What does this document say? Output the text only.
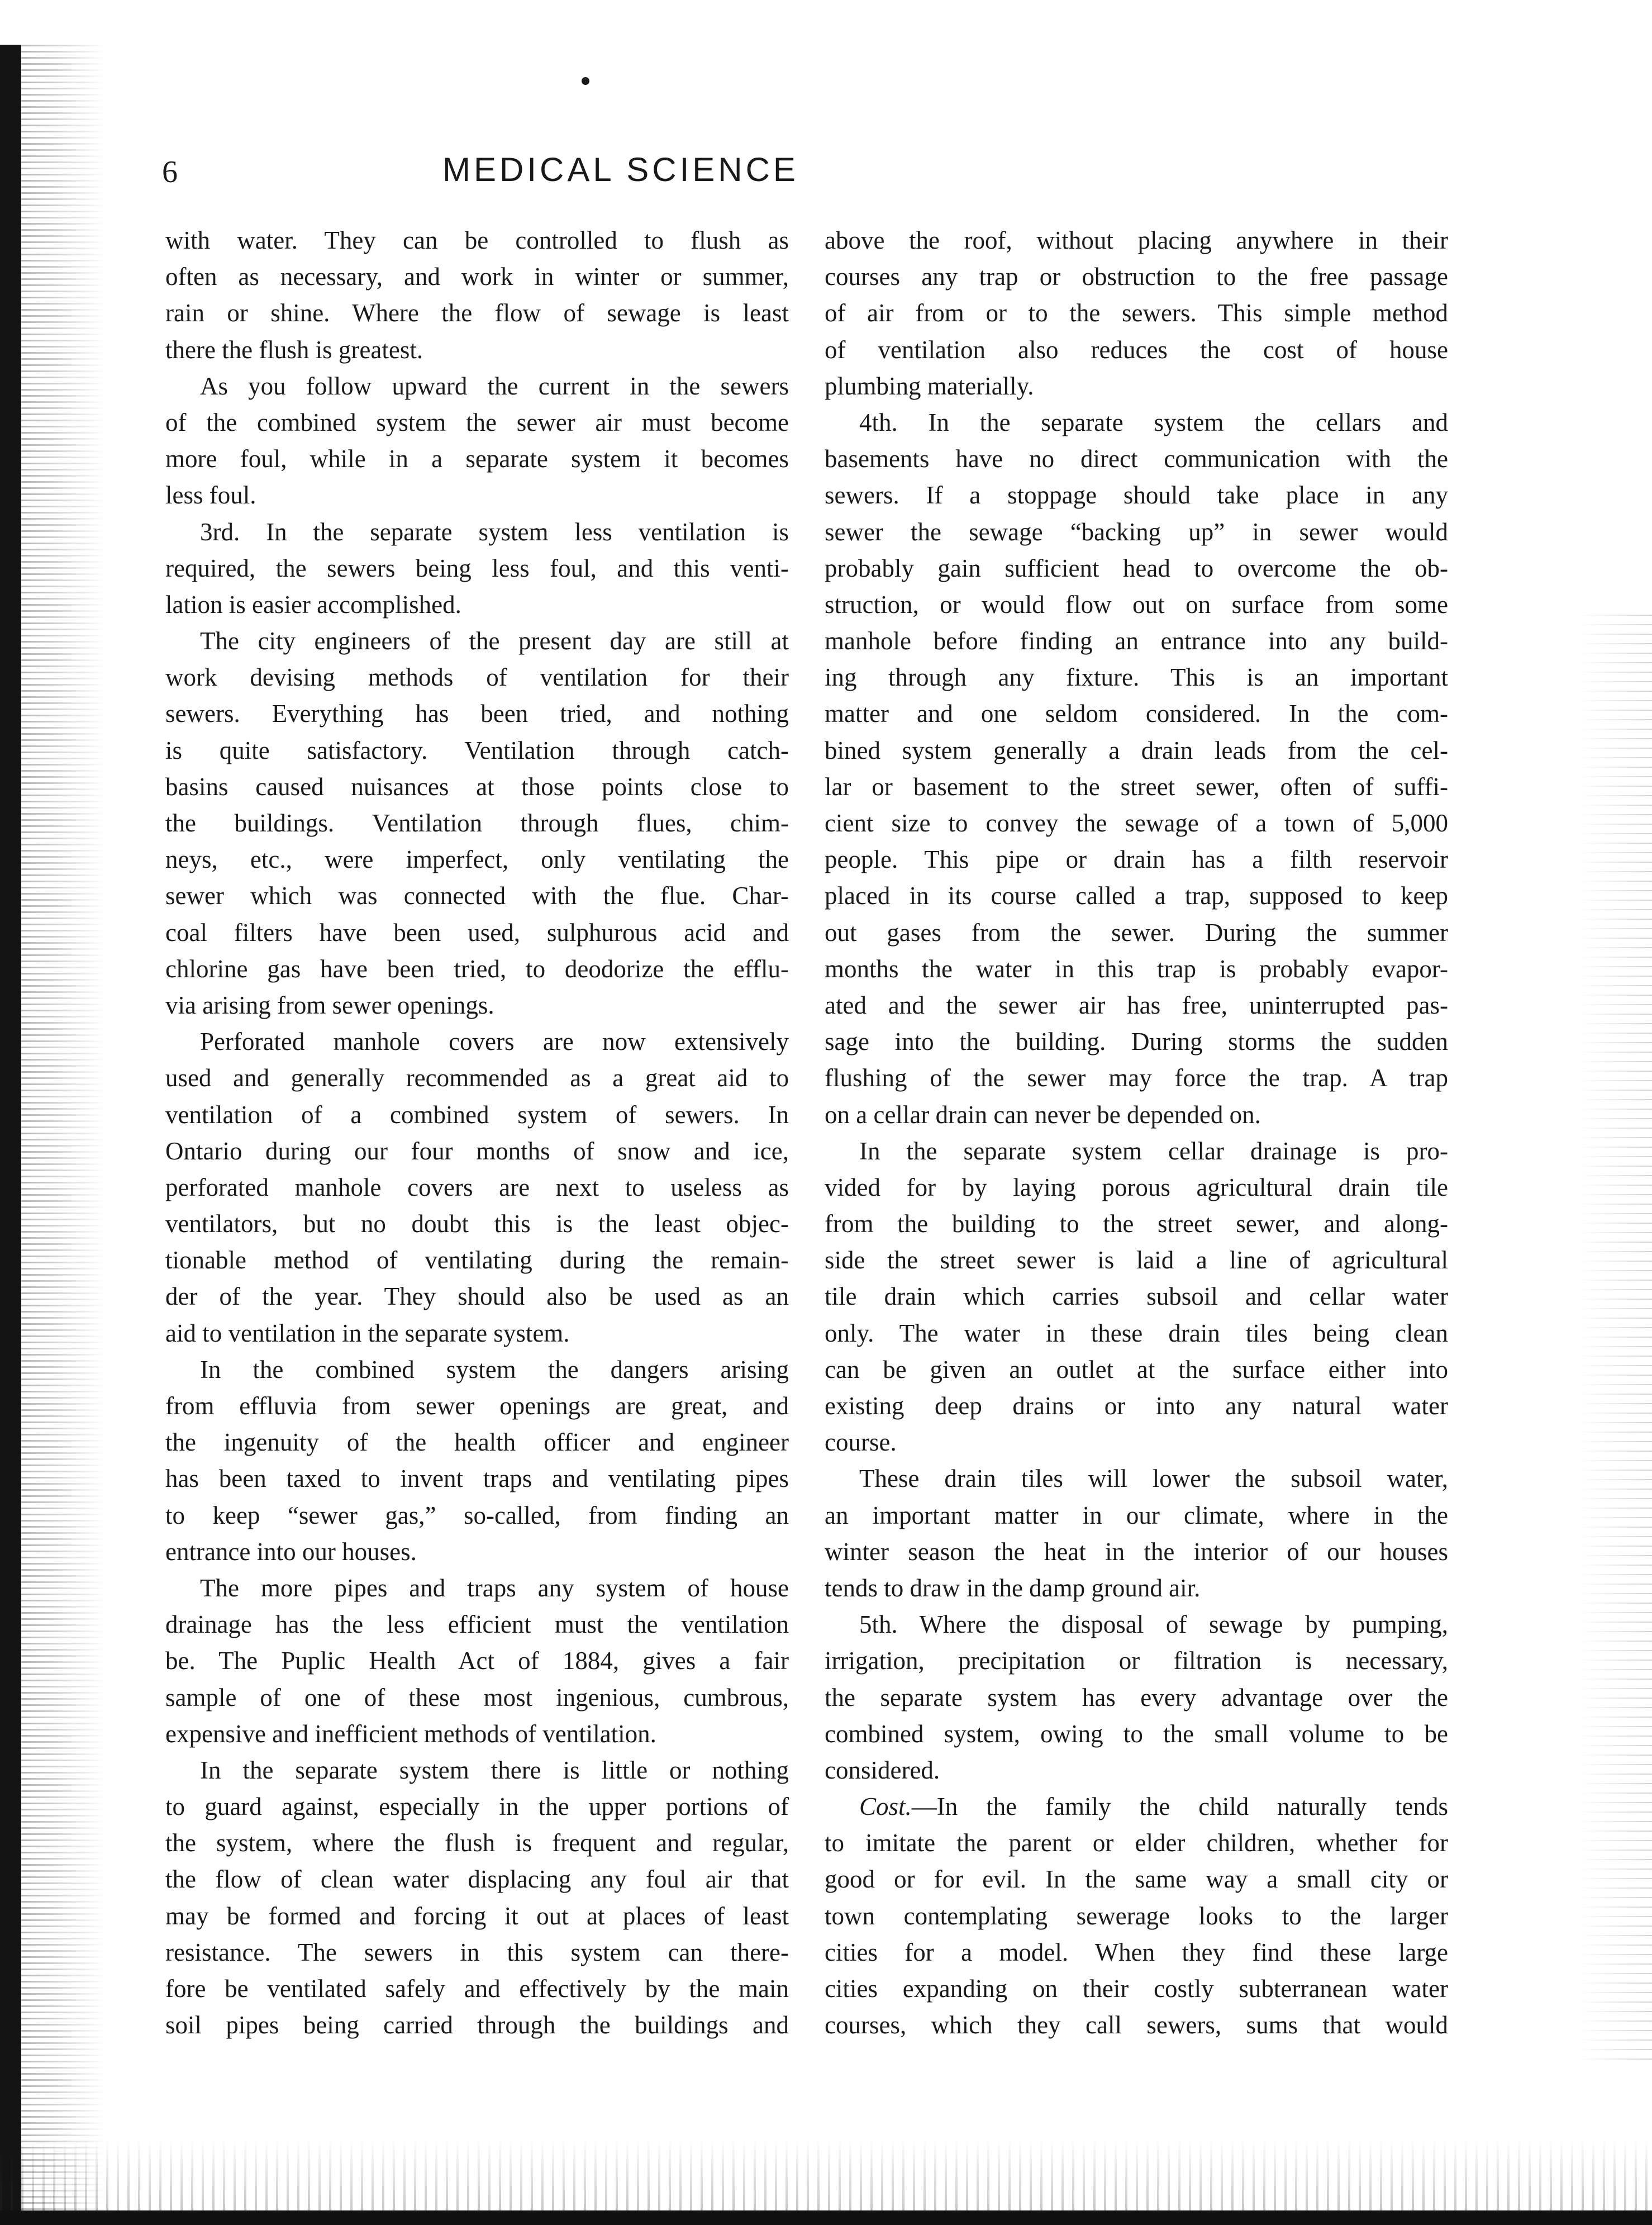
6	MEDICAL SCIENCE
with water. They can be controlled to flush as
often as necessary, and work in winter or summer,
rain or shine. Where the flow of sewage is least
there the flush is greatest.
As you follow upward the current in the sewers
of the combined system the sewer air must become
more foul, while in a separate system it becomes
less foul.
3rd. In the separate system less ventilation is
required, the sewers being less foul, and this venti-
lation is easier accomplished.
The city engineers of the present day are still at
work devising methods of ventilation for their
sewers. Everything has been tried, and nothing
is quite satisfactory. Ventilation through catch-
basins caused nuisances at those points close to
the buildings. Ventilation through flues, chim-
neys, etc., were imperfect, only ventilating the
sewer which was connected with the flue. Char-
coal filters have been used, sulphurous acid and
chlorine gas have been tried, to deodorize the efflu-
via arising from sewer openings.
Perforated manhole covers are now extensively
used and generally recommended as a great aid to
ventilation of a combined system of sewers. In
Ontario during our four months of snow and ice,
perforated manhole covers are next to useless as
ventilators, but no doubt this is the least objec-
tionable method of ventilating during the remain-
der of the year. They should also be used as an
aid to ventilation in the separate system.
In the combined system the dangers arising
from effluvia from sewer openings are great, and
the ingenuity of the health officer and engineer
has been taxed to invent traps and ventilating pipes
to keep “sewer gas,” so-called, from finding an
entrance into our houses.
The more pipes and traps any system of house
drainage has the less efficient must the ventilation
be. The Puplic Health Act of 1884, gives a fair
sample of one of these most ingenious, cumbrous,
expensive and inefficient methods of ventilation.
In the separate system there is little or nothing
to guard against, especially in the upper portions of
the system, where the flush is frequent and regular,
the flow of clean water displacing any foul air that
may be formed and forcing it out at places of least
resistance. The sewers in this system can there-
fore be ventilated safely and effectively by the main
soil pipes being carried through the buildings and
above the roof, without placing anywhere in their
courses any trap or obstruction to the free passage
of air from or to the sewers. This simple method
of ventilation also reduces the cost of house
plumbing materially.
4th. In the separate system the cellars and
basements have no direct communication with the
sewers. If a stoppage should take place in any
sewer the sewage “backing up” in sewer would
probably gain sufficient head to overcome the ob-
struction, or would flow out on surface from some
manhole before finding an entrance into any build-
ing through any fixture. This is an important
matter and one seldom considered. In the com-
bined system generally a drain leads from the cel-
lar or basement to the street sewer, often of suffi-
cient size to convey the sewage of a town of 5,000
people. This pipe or drain has a filth reservoir
placed in its course called a trap, supposed to keep
out gases from the sewer. During the summer
months the water in this trap is probably evapor-
ated and the sewer air has free, uninterrupted pas-
sage into the building. During storms the sudden
flushing of the sewer may force the trap. A trap
on a cellar drain can never be depended on.
In the separate system cellar drainage is pro-
vided for by laying porous agricultural drain tile
from the building to the street sewer, and along-
side the street sewer is laid a line of agricultural
tile drain which carries subsoil and cellar water
only. The water in these drain tiles being clean
can be given an outlet at the surface either into
existing deep drains or into any natural water
course.
These drain tiles will lower the subsoil water,
an important matter in our climate, where in the
winter season the heat in the interior of our houses
tends to draw in the damp ground air.
5th. Where the disposal of sewage by pumping,
irrigation, precipitation or filtration is necessary,
the separate system has every advantage over the
combined system, owing to the small volume to be
considered.
Cost.—In the family the child naturally tends
to imitate the parent or elder children, whether for
good or for evil. In the same way a small city or
town contemplating sewerage looks to the larger
cities for a model. When they find these large
cities expanding on their costly subterranean water
courses, which they call sewers, sums that would
